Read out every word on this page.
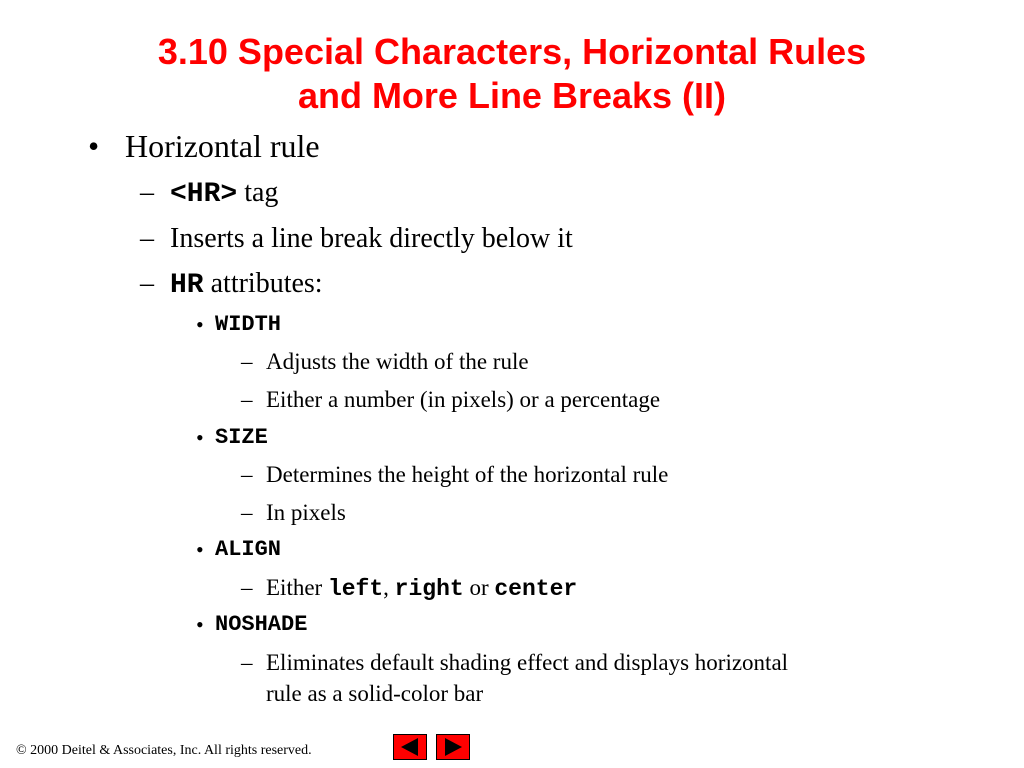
3.10 Special Characters, Horizontal Rules
and More Line Breaks (II)
• Horizontal rule
– <HR> tag
– Inserts a line break directly below it
– HR attributes:
• WIDTH
– Adjusts the width of the rule
– Either a number (in pixels) or a percentage
• SIZE
– Determines the height of the horizontal rule
– In pixels
• ALIGN
– Either left, right or center
• NOSHADE
– Eliminates default shading effect and displays horizontal
rule as a solid-color bar
© 2000 Deitel & Associates, Inc. All rights reserved.
